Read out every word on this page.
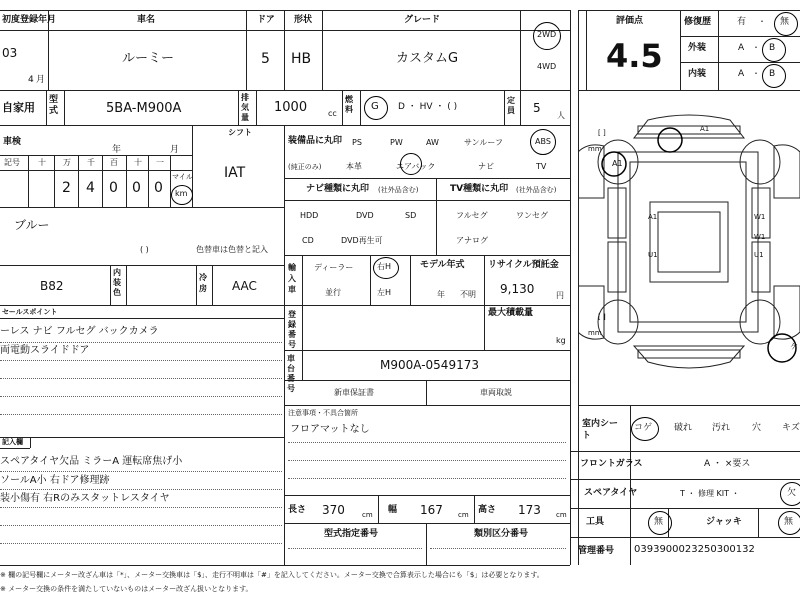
初度登録年月
03
4 月
車名
ルーミー
ドア
5
形状
HB
グレード
カスタムG
2WD
4WD
自家用
型式	5BA-M900A
排気量
1000	cc
燃料	G D ・ HV ・ ( )
定員	5
人
車検
年	月
記号 十 万 千 百 十 一
2 4 0 0 0
マイル
km
シフト
IAT
装備品に丸印
(純正のみ)
PS	PW	AW	サンルーフ	ABS
本革	エアバック	ナビ	TV
ナビ種類に丸印 (社外品含む)
HDD	DVD	SD
CD	DVD再生可
TV種類に丸印 (社外品含む)
フルセグ	ワンセグ
アナログ
ブルー
( )	色替車は色替と記入
B82
内装色
冷房	AAC
輸入車
ディーラー
並行
右H
左H
モデル年式
年 不明
リサイクル預託金
9,130	円
登録番号
最大積載量
kg
車台番号
M900A-0549173
新車保証書	車両取説
注意事項・不具合箇所
フロアマットなし
長さ 370 cm 幅 167 cm 高さ 173 cm
型式指定番号	類別区分番号
セールスポイント
ーレス ナビ フルセグ バックカメラ
両電動スライドドア
記入欄
スペアタイヤ欠品 ミラーA 運転席焦げ小
ソールA小 右ドア修理跡
装小傷有 右Rのみスタットレスタイヤ
評価点
4.5
修復歴	有 ・ 無
外装	A ・ B
内装	A ・ B
[ ]
mm
[ ]
mm
A1
A1
A1
U1
W1
W1
U1
ケ
室内シート
コゲ 破れ 汚れ 穴 キズ
フロントガラス	A ・ ×要ス
スペアタイヤ	T ・ 修理 KIT ・	欠
工具	無	ジャッキ	無
管理番号 0393900023250300132
※ 欄の記号欄にメーター改ざん車は「*」、メーター交換車は「$」、走行不明車は「#」を記入してください。メーター交換で合算表示した場合にも「$」は必要となります。
※ メーター交換の条件を満たしていないものはメーター改ざん扱いとなります。
